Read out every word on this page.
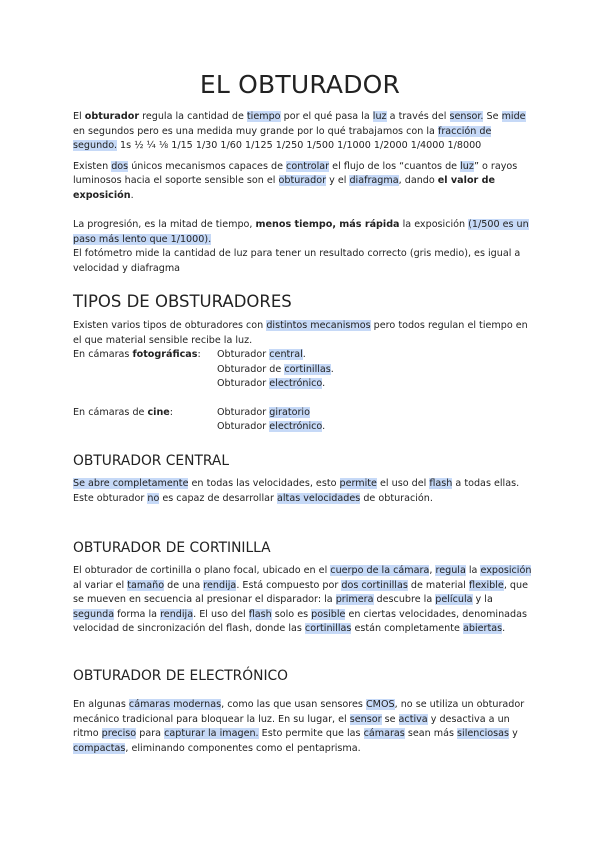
EL OBTURADOR

El obturador regula la cantidad de tiempo por el qué pasa la luz a través del sensor. Se mide en segundos pero es una medida muy grande por lo qué trabajamos con la fracción de segundo. 1s ½ ¼ ⅛ 1/15 1/30 1/60 1/125 1/250 1/500 1/1000 1/2000 1/4000 1/8000

Existen dos únicos mecanismos capaces de controlar el flujo de los “cuantos de luz” o rayos luminosos hacia el soporte sensible son el obturador y el diafragma, dando el valor de exposición.

La progresión, es la mitad de tiempo, menos tiempo, más rápida la exposición (1/500 es un paso más lento que 1/1000).

El fotómetro mide la cantidad de luz para tener un resultado correcto (gris medio), es igual a velocidad y diafragma

TIPOS DE OBSTURADORES

Existen varios tipos de obturadores con distintos mecanismos pero todos regulan el tiempo en el que material sensible recibe la luz.

En cámaras fotográficas:	Obturador central.
Obturador de cortinillas.
Obturador electrónico.
En cámaras de cine:	Obturador giratorio
Obturador electrónico.
OBTURADOR CENTRAL

Se abre completamente en todas las velocidades, esto permite el uso del flash a todas ellas.

Este obturador no es capaz de desarrollar altas velocidades de obturación.

OBTURADOR DE CORTINILLA

El obturador de cortinilla o plano focal, ubicado en el cuerpo de la cámara, regula la exposición al variar el tamaño de una rendija. Está compuesto por dos cortinillas de material flexible, que se mueven en secuencia al presionar el disparador: la primera descubre la película y la segunda forma la rendija. El uso del flash solo es posible en ciertas velocidades, denominadas velocidad de sincronización del flash, donde las cortinillas están completamente abiertas.

OBTURADOR DE ELECTRÓNICO

En algunas cámaras modernas, como las que usan sensores CMOS, no se utiliza un obturador mecánico tradicional para bloquear la luz. En su lugar, el sensor se activa y desactiva a un ritmo preciso para capturar la imagen. Esto permite que las cámaras sean más silenciosas y compactas, eliminando componentes como el pentaprisma.
